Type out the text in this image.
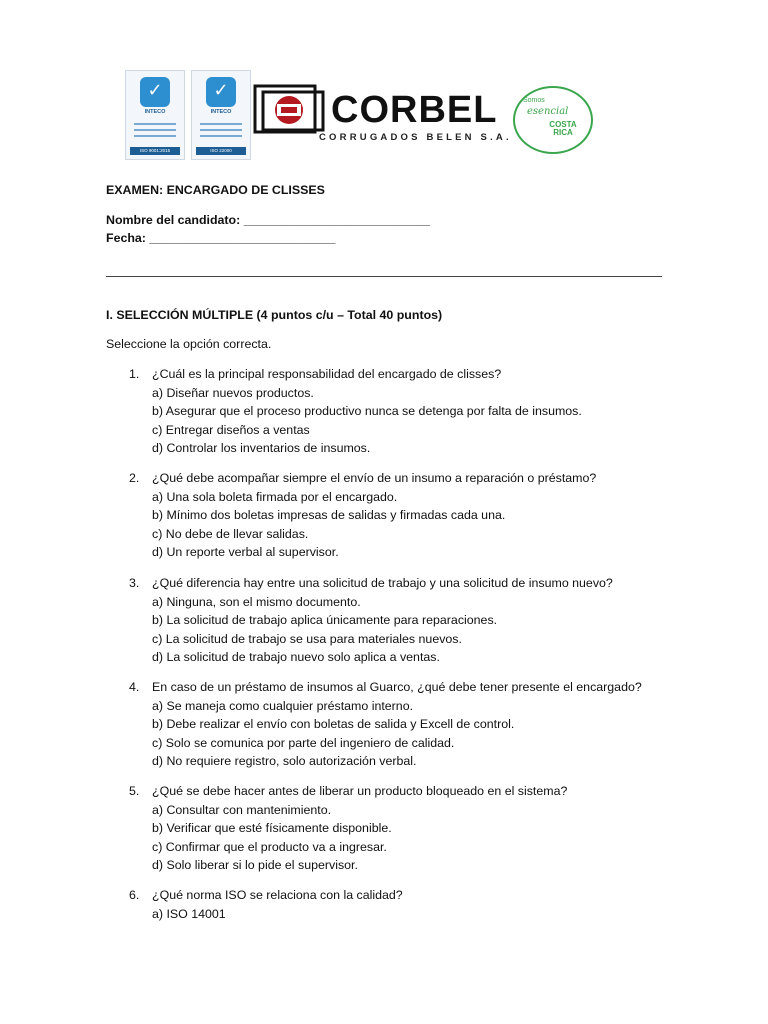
✓
INTECO
ISO 9001:2015
✓
INTECO
ISO 22000
CORBEL
CORRUGADOS BELEN S.A.
Somos
esencial
COSTA RICA
EXAMEN: ENCARGADO DE CLISSES
Nombre del candidato: ___________________________
Fecha: ___________________________
I. SELECCIÓN MÚLTIPLE (4 puntos c/u – Total 40 puntos)
Seleccione la opción correcta.
1. ¿Cuál es la principal responsabilidad del encargado de clisses?
a) Diseñar nuevos productos.
b) Asegurar que el proceso productivo nunca se detenga por falta de insumos.
c) Entregar diseños a ventas
d) Controlar los inventarios de insumos.
2. ¿Qué debe acompañar siempre el envío de un insumo a reparación o préstamo?
a) Una sola boleta firmada por el encargado.
b) Mínimo dos boletas impresas de salidas y firmadas cada una.
c) No debe de llevar salidas.
d) Un reporte verbal al supervisor.
3. ¿Qué diferencia hay entre una solicitud de trabajo y una solicitud de insumo nuevo?
a) Ninguna, son el mismo documento.
b) La solicitud de trabajo aplica únicamente para reparaciones.
c) La solicitud de trabajo se usa para materiales nuevos.
d) La solicitud de trabajo nuevo solo aplica a ventas.
4. En caso de un préstamo de insumos al Guarco, ¿qué debe tener presente el encargado?
a) Se maneja como cualquier préstamo interno.
b) Debe realizar el envío con boletas de salida y Excell de control.
c) Solo se comunica por parte del ingeniero de calidad.
d) No requiere registro, solo autorización verbal.
5. ¿Qué se debe hacer antes de liberar un producto bloqueado en el sistema?
a) Consultar con mantenimiento.
b) Verificar que esté físicamente disponible.
c) Confirmar que el producto va a ingresar.
d) Solo liberar si lo pide el supervisor.
6. ¿Qué norma ISO se relaciona con la calidad?
a) ISO 14001
